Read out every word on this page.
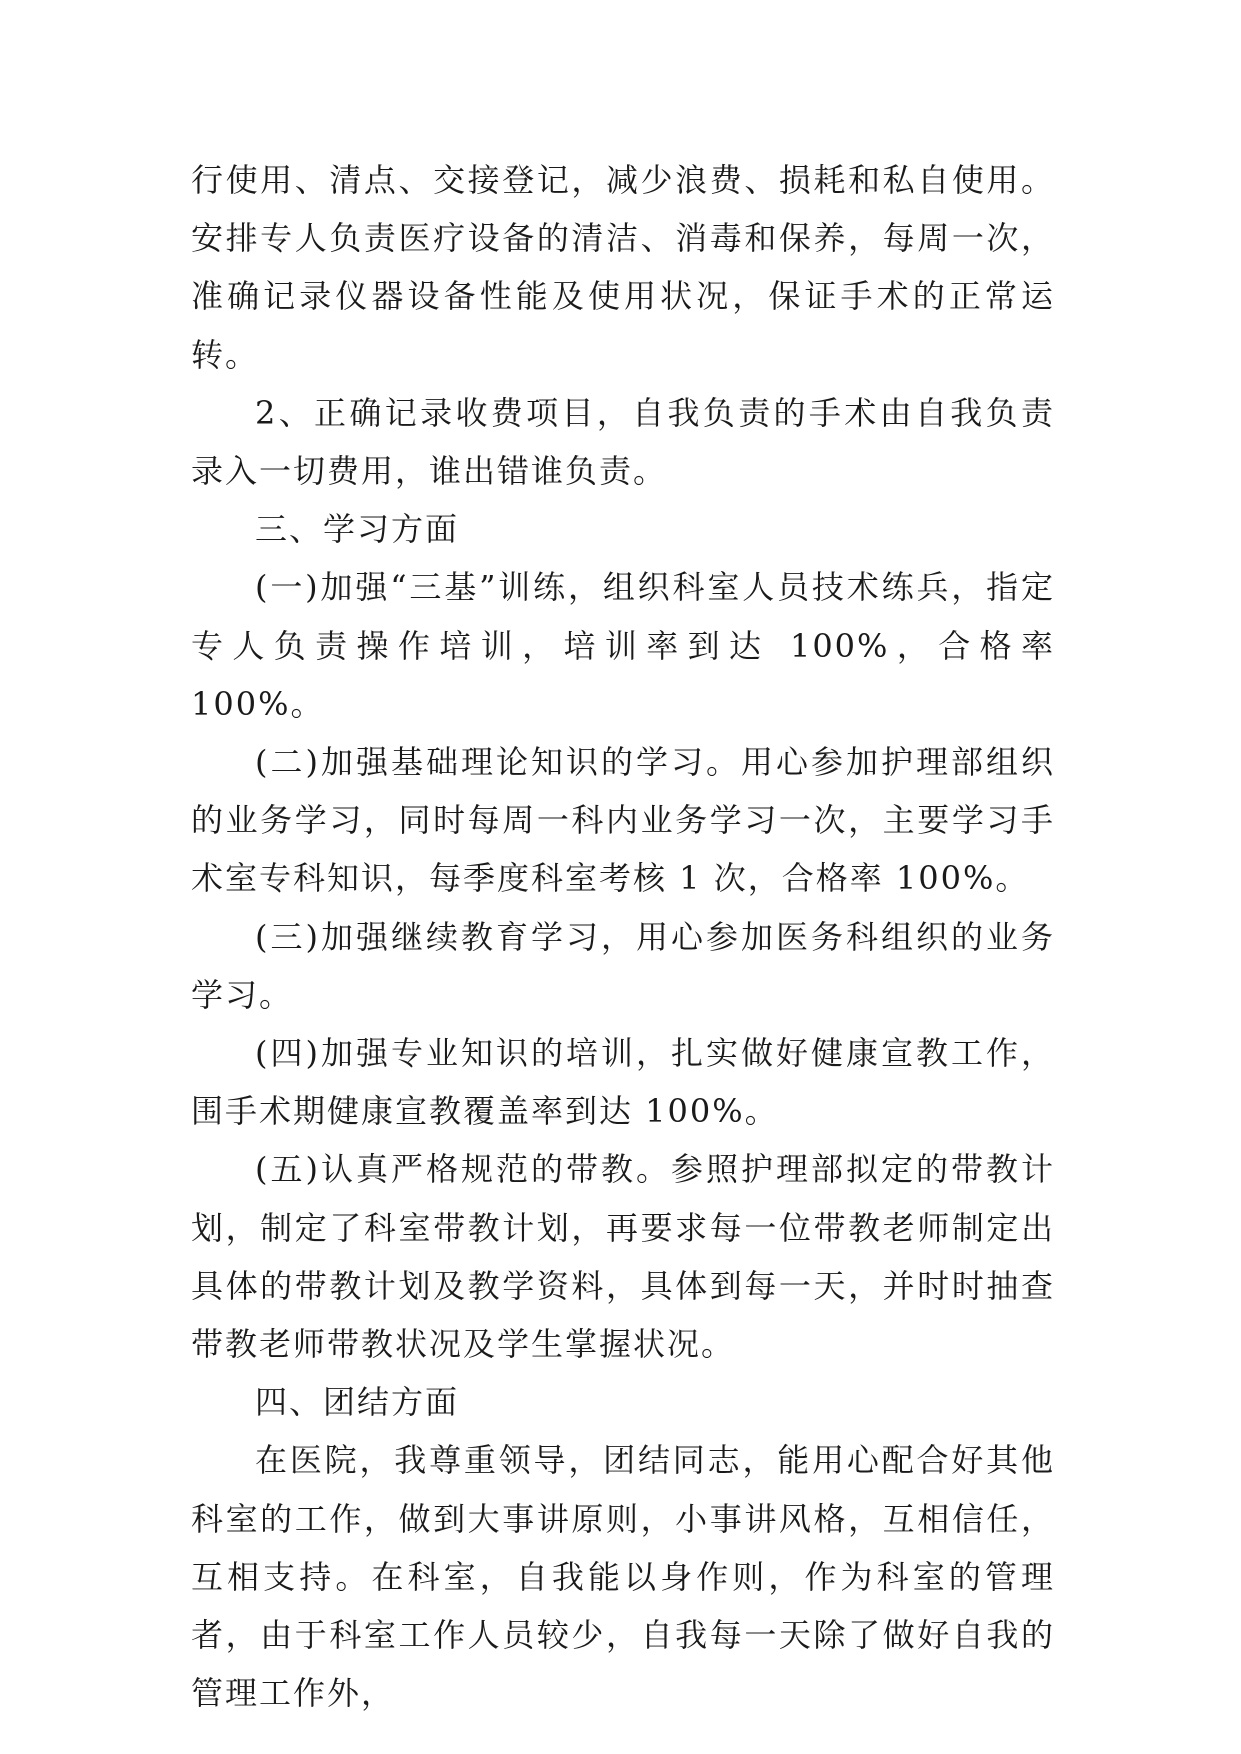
行使用、清点、交接登记，减少浪费、损耗和私自使用。安排专人负责医疗设备的清洁、消毒和保养，每周一次，准确记录仪器设备性能及使用状况，保证手术的正常运转。

2、正确记录收费项目，自我负责的手术由自我负责录入一切费用，谁出错谁负责。

三、学习方面

(一)加强“三基”训练，组织科室人员技术练兵，指定专人负责操作培训，培训率到达 100%，合格率 100%。

(二)加强基础理论知识的学习。用心参加护理部组织的业务学习，同时每周一科内业务学习一次，主要学习手术室专科知识，每季度科室考核 1 次，合格率 100%。

(三)加强继续教育学习，用心参加医务科组织的业务学习。

(四)加强专业知识的培训，扎实做好健康宣教工作，围手术期健康宣教覆盖率到达 100%。

(五)认真严格规范的带教。参照护理部拟定的带教计划，制定了科室带教计划，再要求每一位带教老师制定出具体的带教计划及教学资料，具体到每一天，并时时抽查带教老师带教状况及学生掌握状况。

四、团结方面

在医院，我尊重领导，团结同志，能用心配合好其他科室的工作，做到大事讲原则，小事讲风格，互相信任，互相支持。在科室，自我能以身作则，作为科室的管理者，由于科室工作人员较少，自我每一天除了做好自我的管理工作外，
